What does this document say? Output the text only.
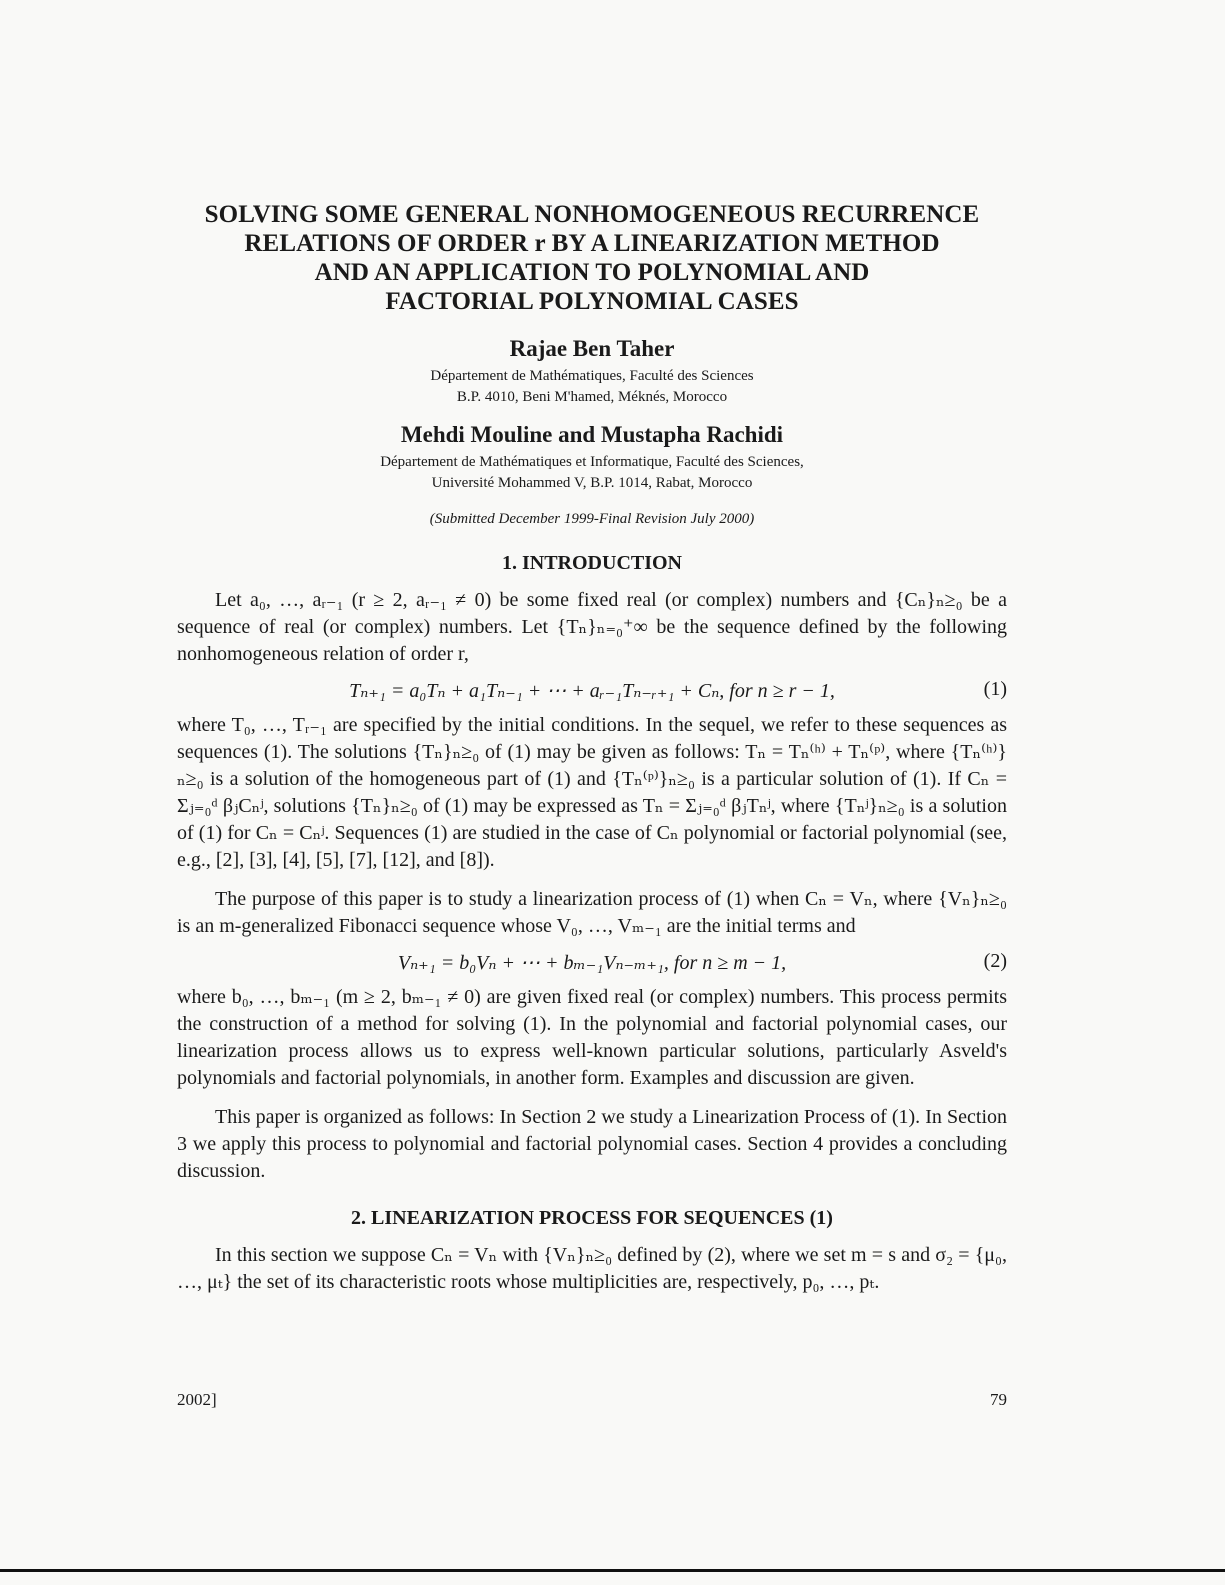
SOLVING SOME GENERAL NONHOMOGENEOUS RECURRENCE

RELATIONS OF ORDER r BY A LINEARIZATION METHOD

AND AN APPLICATION TO POLYNOMIAL AND

FACTORIAL POLYNOMIAL CASES

Rajae Ben Taher

Département de Mathématiques, Faculté des Sciences

B.P. 4010, Beni M'hamed, Méknés, Morocco

Mehdi Mouline and Mustapha Rachidi

Département de Mathématiques et Informatique, Faculté des Sciences,

Université Mohammed V, B.P. 1014, Rabat, Morocco

(Submitted December 1999-Final Revision July 2000)

1. INTRODUCTION

Let a₀, …, aᵣ₋₁ (r ≥ 2, aᵣ₋₁ ≠ 0) be some fixed real (or complex) numbers and {Cₙ}ₙ≥₀ be a sequence of real (or complex) numbers. Let {Tₙ}ₙ₌₀⁺∞ be the sequence defined by the following nonhomogeneous relation of order r,

Tₙ₊₁ = a₀Tₙ + a₁Tₙ₋₁ + ⋯ + aᵣ₋₁Tₙ₋ᵣ₊₁ + Cₙ, for n ≥ r − 1,	(1)

where T₀, …, Tᵣ₋₁ are specified by the initial conditions. In the sequel, we refer to these sequences as sequences (1). The solutions {Tₙ}ₙ≥₀ of (1) may be given as follows: Tₙ = Tₙ⁽ʰ⁾ + Tₙ⁽ᵖ⁾, where {Tₙ⁽ʰ⁾}ₙ≥₀ is a solution of the homogeneous part of (1) and {Tₙ⁽ᵖ⁾}ₙ≥₀ is a particular solution of (1). If Cₙ = Σⱼ₌₀ᵈ βⱼCₙʲ, solutions {Tₙ}ₙ≥₀ of (1) may be expressed as Tₙ = Σⱼ₌₀ᵈ βⱼTₙʲ, where {Tₙʲ}ₙ≥₀ is a solution of (1) for Cₙ = Cₙʲ. Sequences (1) are studied in the case of Cₙ polynomial or factorial polynomial (see, e.g., [2], [3], [4], [5], [7], [12], and [8]).

The purpose of this paper is to study a linearization process of (1) when Cₙ = Vₙ, where {Vₙ}ₙ≥₀ is an m-generalized Fibonacci sequence whose V₀, …, Vₘ₋₁ are the initial terms and

Vₙ₊₁ = b₀Vₙ + ⋯ + bₘ₋₁Vₙ₋ₘ₊₁, for n ≥ m − 1,	(2)

where b₀, …, bₘ₋₁ (m ≥ 2, bₘ₋₁ ≠ 0) are given fixed real (or complex) numbers. This process permits the construction of a method for solving (1). In the polynomial and factorial polynomial cases, our linearization process allows us to express well-known particular solutions, particularly Asveld's polynomials and factorial polynomials, in another form. Examples and discussion are given.

This paper is organized as follows: In Section 2 we study a Linearization Process of (1). In Section 3 we apply this process to polynomial and factorial polynomial cases. Section 4 provides a concluding discussion.

2. LINEARIZATION PROCESS FOR SEQUENCES (1)

In this section we suppose Cₙ = Vₙ with {Vₙ}ₙ≥₀ defined by (2), where we set m = s and σ₂ = {μ₀, …, μₜ} the set of its characteristic roots whose multiplicities are, respectively, p₀, …, pₜ.

2002]	79
